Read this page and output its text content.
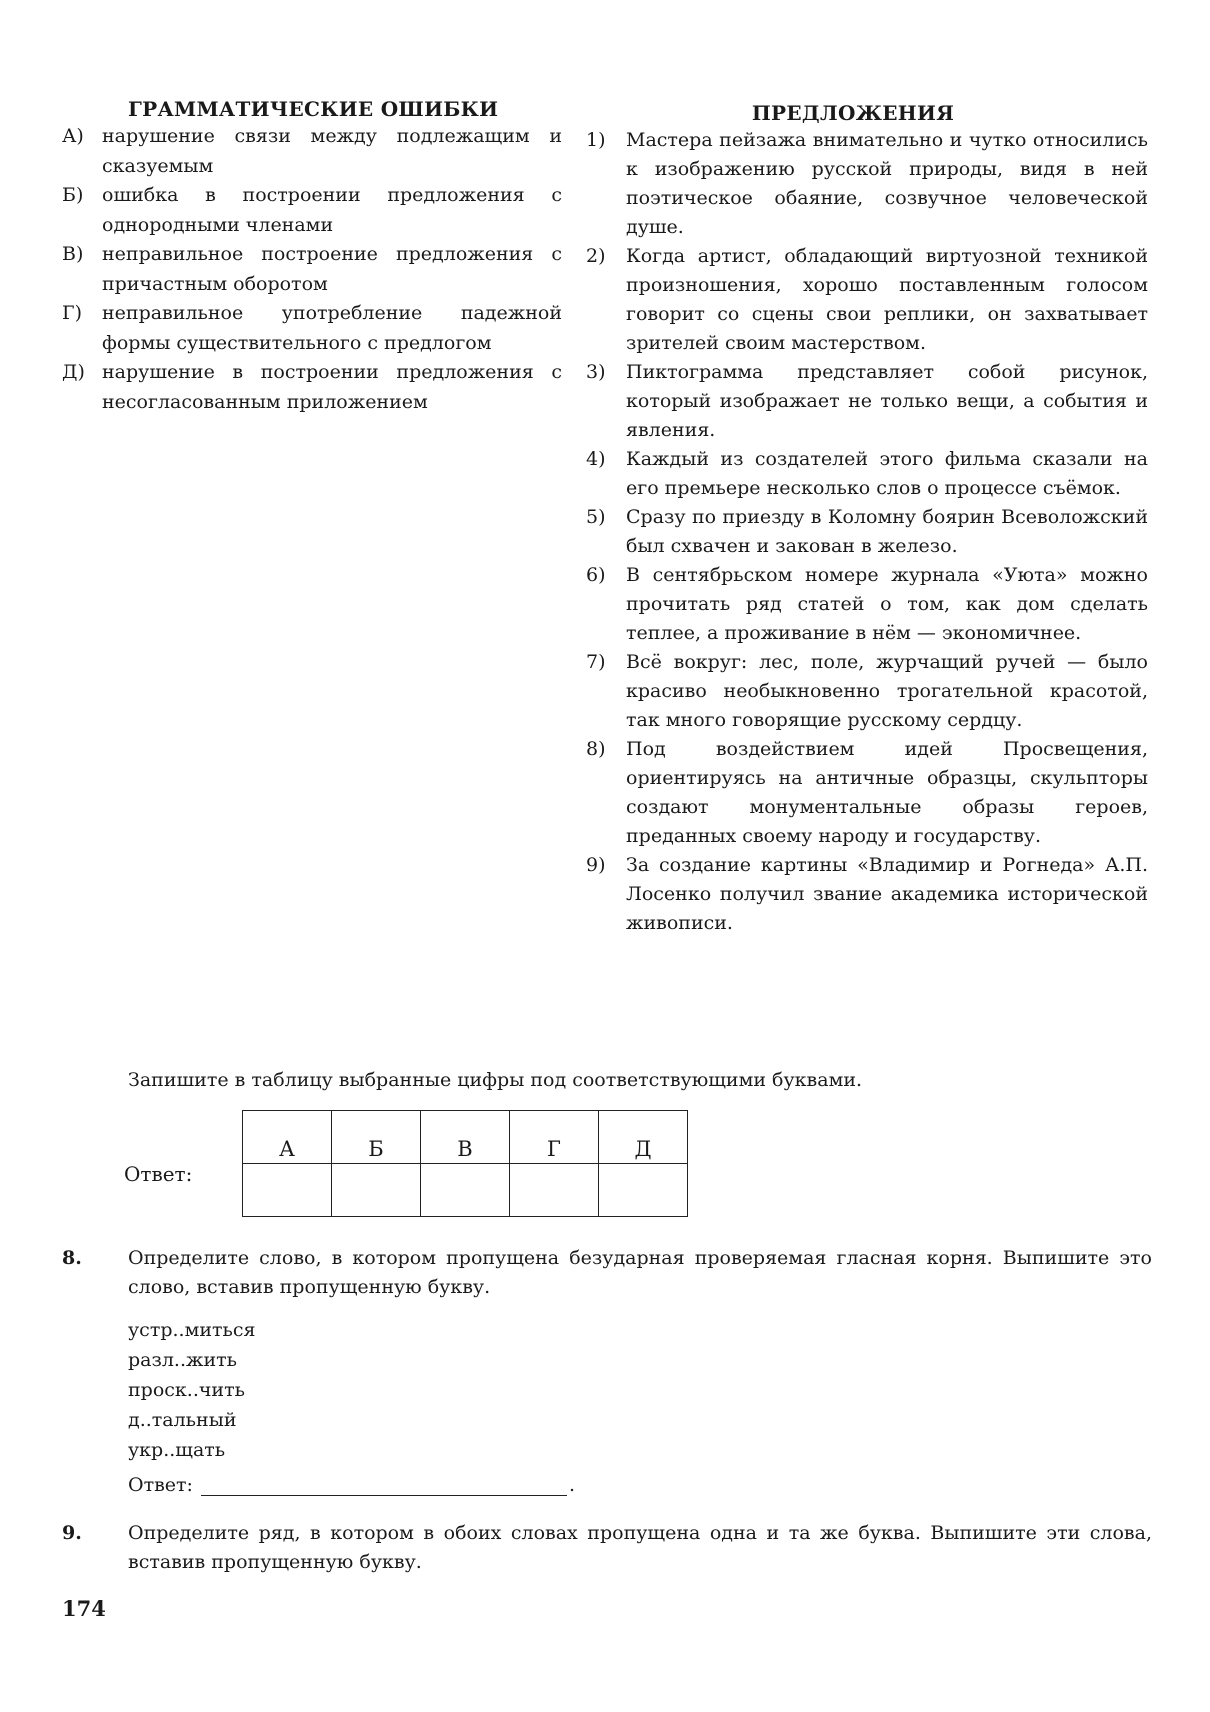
ГРАММАТИЧЕСКИЕ ОШИБКИ
А) нарушение связи между подлежащим и сказуемым
Б) ошибка в построении предложения с однородными членами
В) неправильное построение предложения с причастным оборотом
Г)	неправильное употребление падежной формы существительного с предлогом
Д) нарушение в построении предложения с несогласованным приложением
ПРЕДЛОЖЕНИЯ
1)	Мастера пейзажа внимательно и чутко относились к изображению русской природы, видя в ней поэтическое обаяние, созвучное человеческой душе.
2)	Когда артист, обладающий виртуозной техникой произношения, хорошо поставленным голосом говорит со сцены свои реплики, он захватывает зрителей своим мастерством.
3)	Пиктограмма представляет собой рисунок, который изображает не только вещи, а события и явления.
4)	Каждый из создателей этого фильма сказали на его премьере несколько слов о процессе съёмок.
5)	Сразу по приезду в Коломну боярин Всеволожский был схвачен и закован в железо.
6)	В сентябрьском номере журнала «Уюта» можно прочитать ряд статей о том, как дом сделать теплее, а проживание в нём — экономичнее.
7)	Всё вокруг: лес, поле, журчащий ручей — было красиво необыкновенно трогательной красотой, так много говорящие русскому сердцу.
8)	Под воздействием идей Просвещения, ориентируясь на античные образцы, скульпторы создают монументальные образы героев, преданных своему народу и государству.
9)	За создание картины «Владимир и Рогнеда» А.П. Лосенко получил звание академика исторической живописи.
Запишите в таблицу выбранные цифры под соответствующими буквами.
Ответ:
А	Б	В	Г	Д

8.	Определите слово, в котором пропущена безударная проверяемая гласная корня. Выпишите это слово, вставив пропущенную букву.
устр..миться
разл..жить
проск..чить
д..тальный
укр..щать
Ответ:	.
9.	Определите ряд, в котором в обоих словах пропущена одна и та же буква. Выпишите эти слова, вставив пропущенную букву.
174
